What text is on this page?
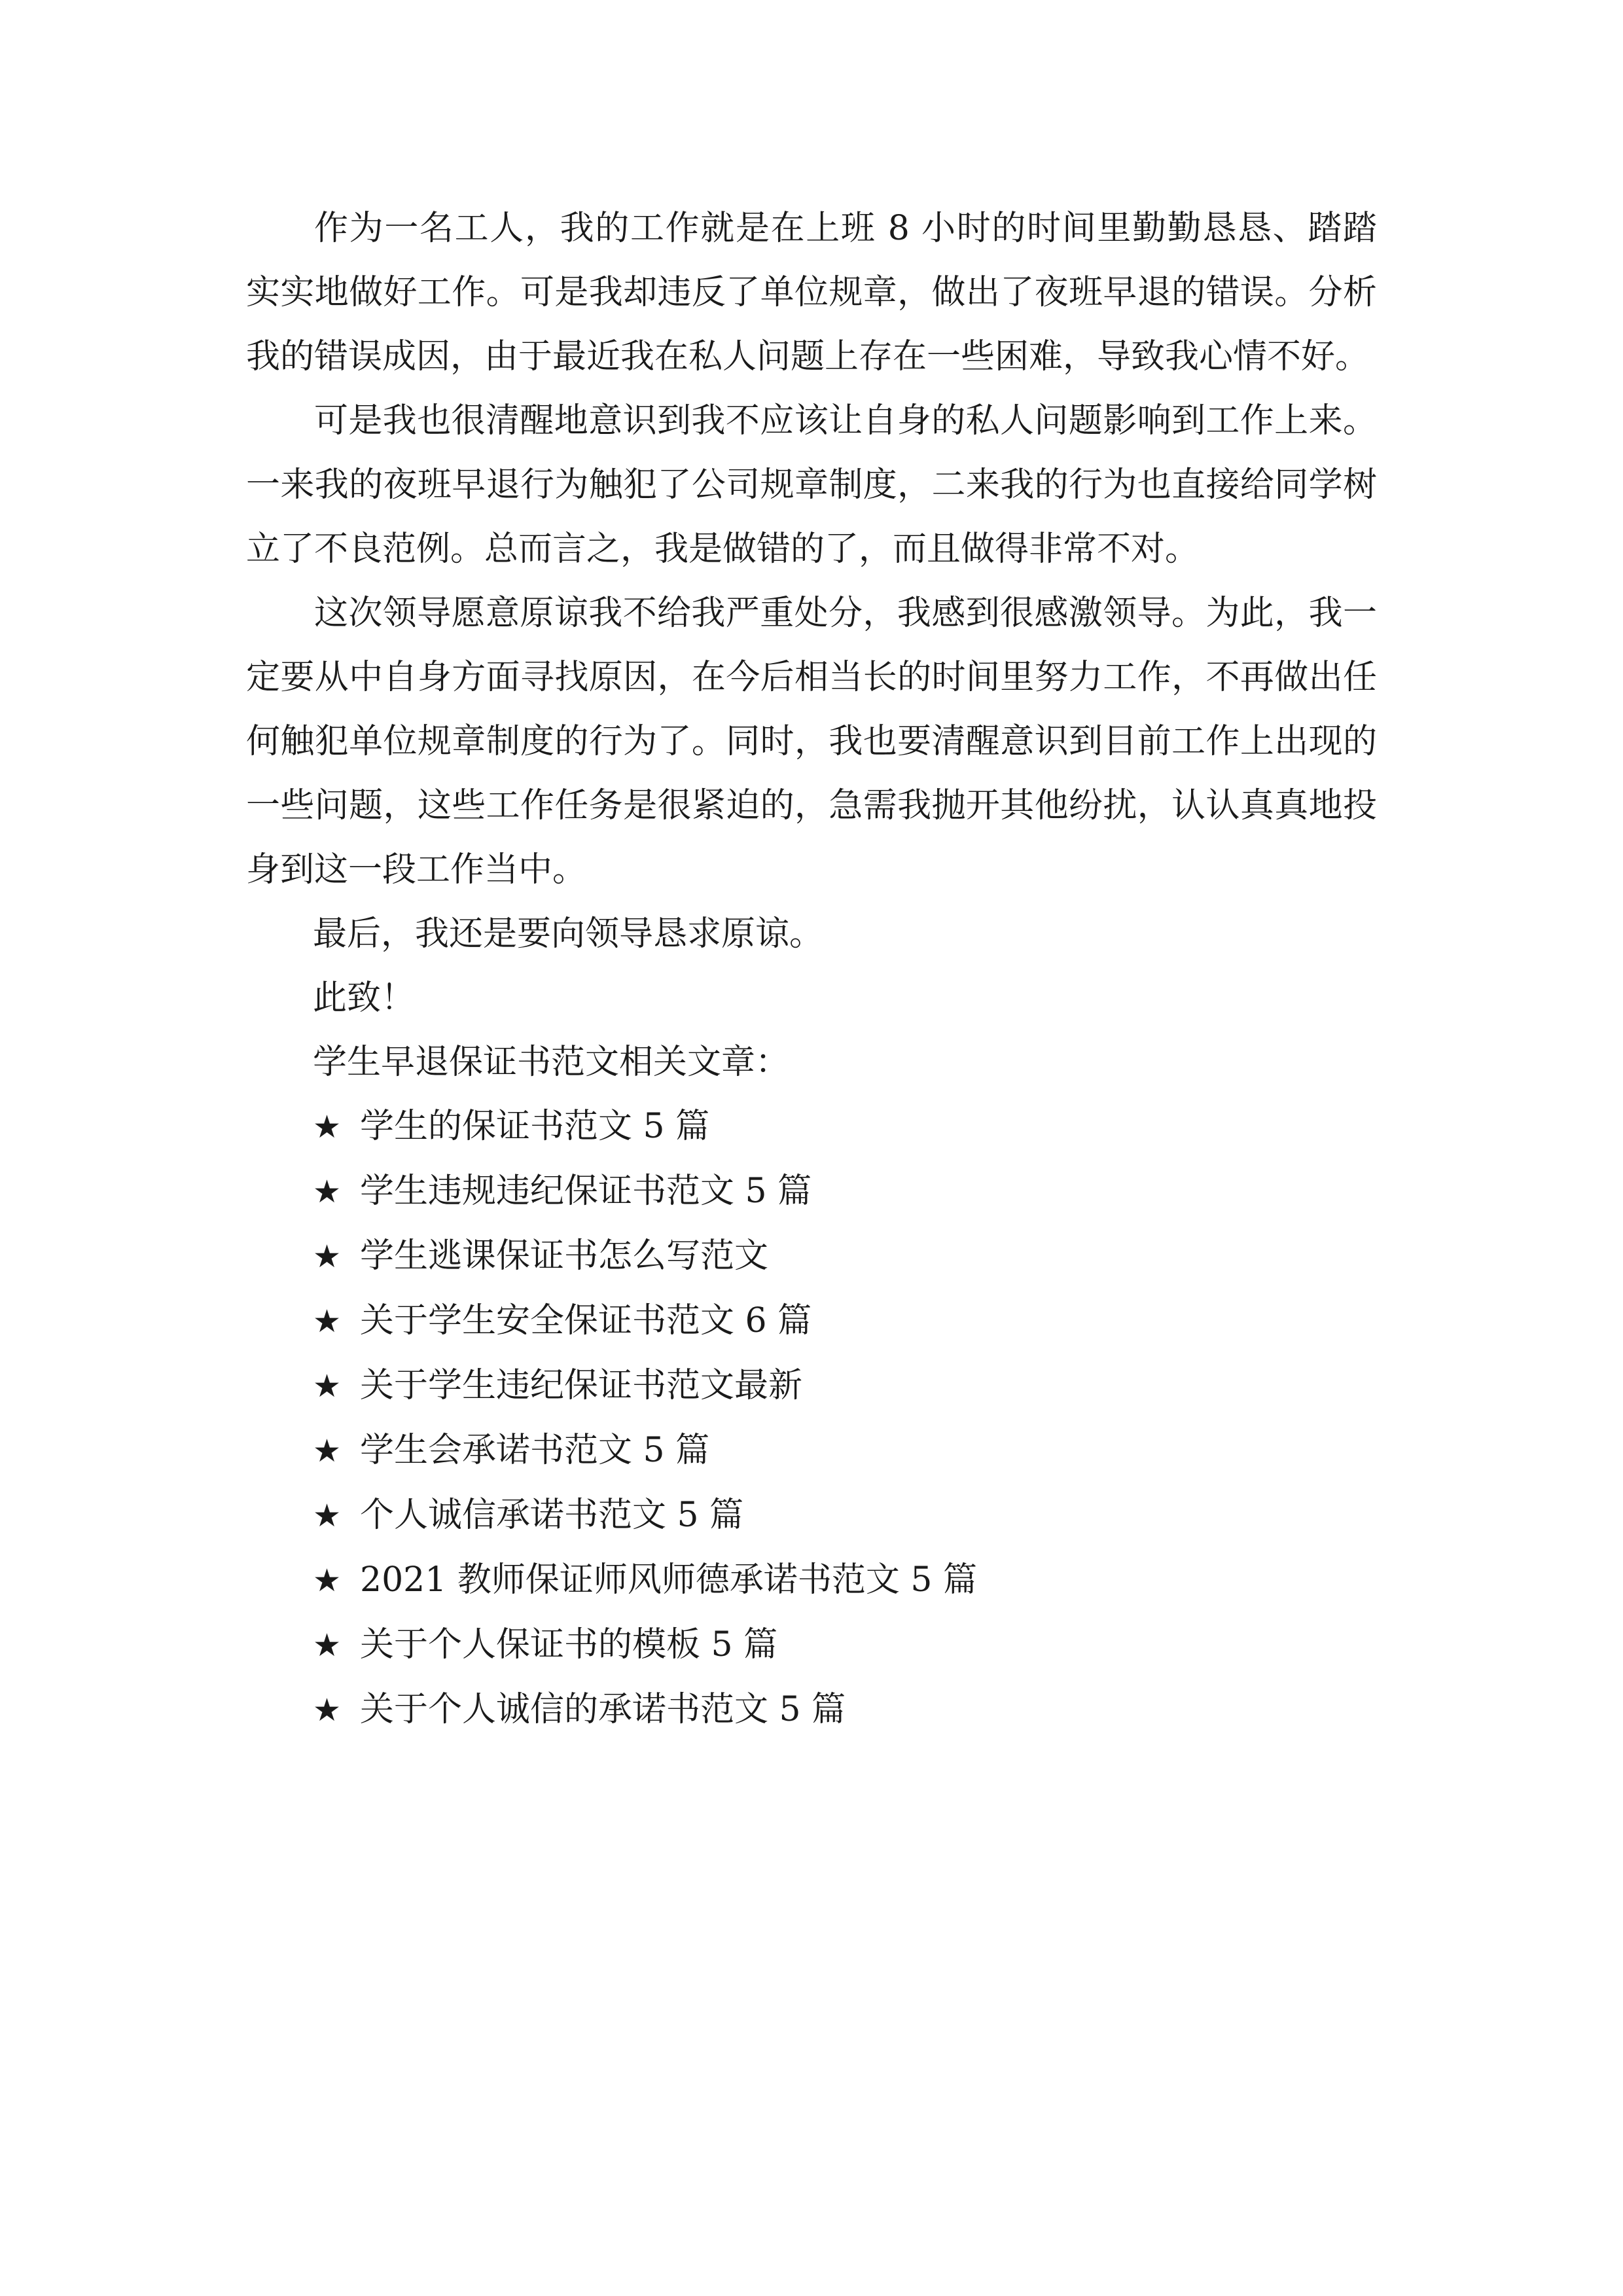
作为一名工人，我的工作就是在上班 8 小时的时间里勤勤恳恳、踏踏实实地做好工作。可是我却违反了单位规章，做出了夜班早退的错误。分析我的错误成因，由于最近我在私人问题上存在一些困难，导致我心情不好。

可是我也很清醒地意识到我不应该让自身的私人问题影响到工作上来。一来我的夜班早退行为触犯了公司规章制度，二来我的行为也直接给同学树立了不良范例。总而言之，我是做错的了，而且做得非常不对。

这次领导愿意原谅我不给我严重处分，我感到很感激领导。为此，我一定要从中自身方面寻找原因，在今后相当长的时间里努力工作，不再做出任何触犯单位规章制度的行为了。同时，我也要清醒意识到目前工作上出现的一些问题，这些工作任务是很紧迫的，急需我抛开其他纷扰，认认真真地投身到这一段工作当中。

最后，我还是要向领导恳求原谅。

此致！

学生早退保证书范文相关文章：

★ 学生的保证书范文 5 篇
★ 学生违规违纪保证书范文 5 篇
★ 学生逃课保证书怎么写范文
★ 关于学生安全保证书范文 6 篇
★ 关于学生违纪保证书范文最新
★ 学生会承诺书范文 5 篇
★ 个人诚信承诺书范文 5 篇
★ 2021 教师保证师风师德承诺书范文 5 篇
★ 关于个人保证书的模板 5 篇
★ 关于个人诚信的承诺书范文 5 篇
